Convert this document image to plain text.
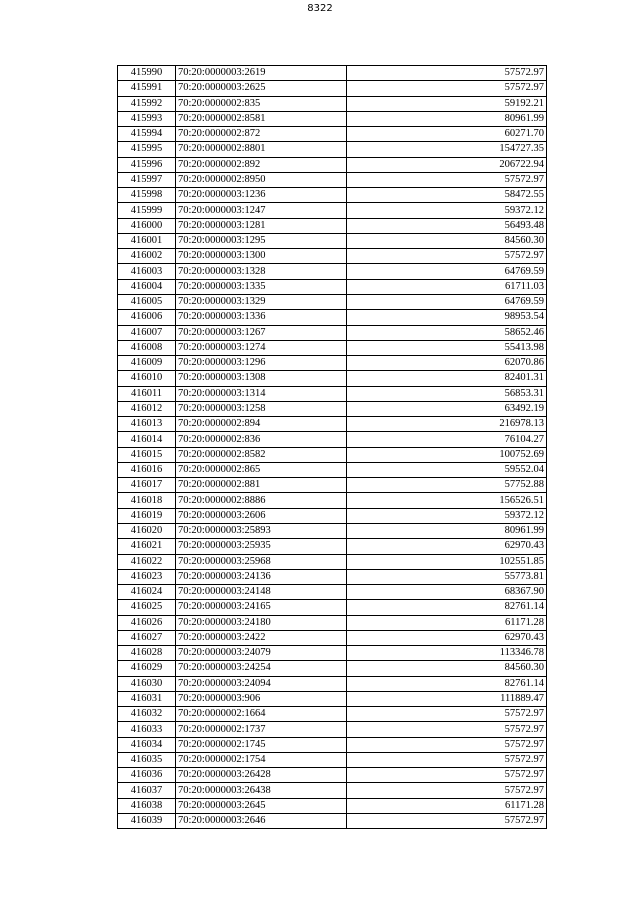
8322
415990	70:20:0000003:2619	57572.97
415991	70:20:0000003:2625	57572.97
415992	70:20:0000002:835	59192.21
415993	70:20:0000002:8581	80961.99
415994	70:20:0000002:872	60271.70
415995	70:20:0000002:8801	154727.35
415996	70:20:0000002:892	206722.94
415997	70:20:0000002:8950	57572.97
415998	70:20:0000003:1236	58472.55
415999	70:20:0000003:1247	59372.12
416000	70:20:0000003:1281	56493.48
416001	70:20:0000003:1295	84560.30
416002	70:20:0000003:1300	57572.97
416003	70:20:0000003:1328	64769.59
416004	70:20:0000003:1335	61711.03
416005	70:20:0000003:1329	64769.59
416006	70:20:0000003:1336	98953.54
416007	70:20:0000003:1267	58652.46
416008	70:20:0000003:1274	55413.98
416009	70:20:0000003:1296	62070.86
416010	70:20:0000003:1308	82401.31
416011	70:20:0000003:1314	56853.31
416012	70:20:0000003:1258	63492.19
416013	70:20:0000002:894	216978.13
416014	70:20:0000002:836	76104.27
416015	70:20:0000002:8582	100752.69
416016	70:20:0000002:865	59552.04
416017	70:20:0000002:881	57752.88
416018	70:20:0000002:8886	156526.51
416019	70:20:0000003:2606	59372.12
416020	70:20:0000003:25893	80961.99
416021	70:20:0000003:25935	62970.43
416022	70:20:0000003:25968	102551.85
416023	70:20:0000003:24136	55773.81
416024	70:20:0000003:24148	68367.90
416025	70:20:0000003:24165	82761.14
416026	70:20:0000003:24180	61171.28
416027	70:20:0000003:2422	62970.43
416028	70:20:0000003:24079	113346.78
416029	70:20:0000003:24254	84560.30
416030	70:20:0000003:24094	82761.14
416031	70:20:0000003:906	111889.47
416032	70:20:0000002:1664	57572.97
416033	70:20:0000002:1737	57572.97
416034	70:20:0000002:1745	57572.97
416035	70:20:0000002:1754	57572.97
416036	70:20:0000003:26428	57572.97
416037	70:20:0000003:26438	57572.97
416038	70:20:0000003:2645	61171.28
416039	70:20:0000003:2646	57572.97
